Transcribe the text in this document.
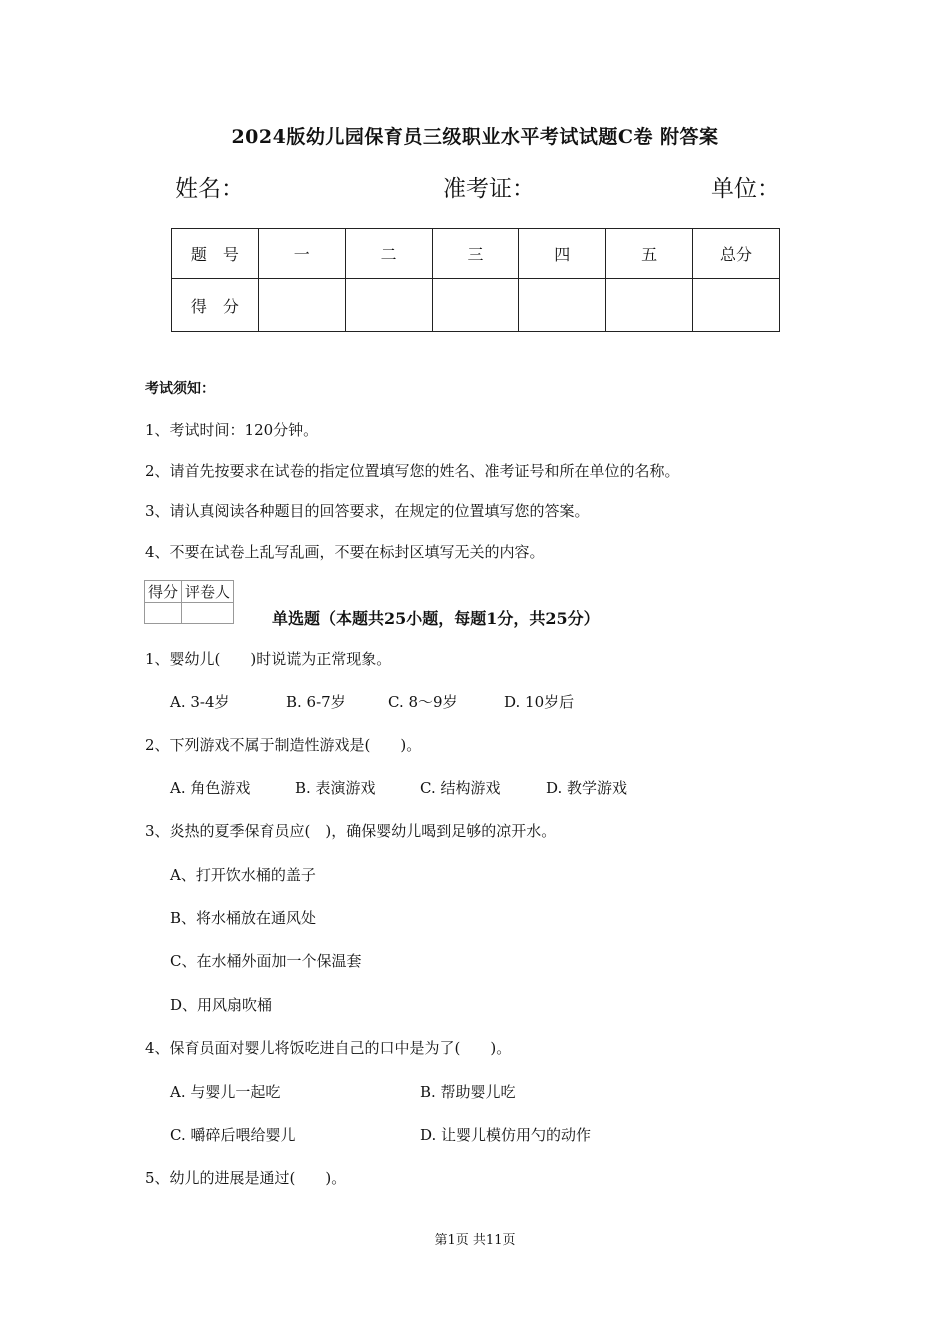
2024版幼儿园保育员三级职业水平考试试题C卷 附答案
姓名：	准考证：	单位：
题　号	一	二	三	四	五	总分
得　分						
考试须知：
1、考试时间：120分钟。
2、请首先按要求在试卷的指定位置填写您的姓名、准考证号和所在单位的名称。
3、请认真阅读各种题目的回答要求，在规定的位置填写您的答案。
4、不要在试卷上乱写乱画，不要在标封区填写无关的内容。
得分	评卷人

单选题（本题共25小题，每题1分，共25分）
1、婴幼儿(　　)时说谎为正常现象。
A. 3-4岁	B. 6-7岁	C. 8～9岁	D. 10岁后
2、下列游戏不属于制造性游戏是(　　)。
A. 角色游戏	B. 表演游戏	C. 结构游戏	D. 教学游戏
3、炎热的夏季保育员应(　)，确保婴幼儿喝到足够的凉开水。
A、打开饮水桶的盖子
B、将水桶放在通风处
C、在水桶外面加一个保温套
D、用风扇吹桶
4、保育员面对婴儿将饭吃进自己的口中是为了(　　)。
A. 与婴儿一起吃	B. 帮助婴儿吃
C. 嚼碎后喂给婴儿	D. 让婴儿模仿用勺的动作
5、幼儿的进展是通过(　　)。
第1页 共11页
